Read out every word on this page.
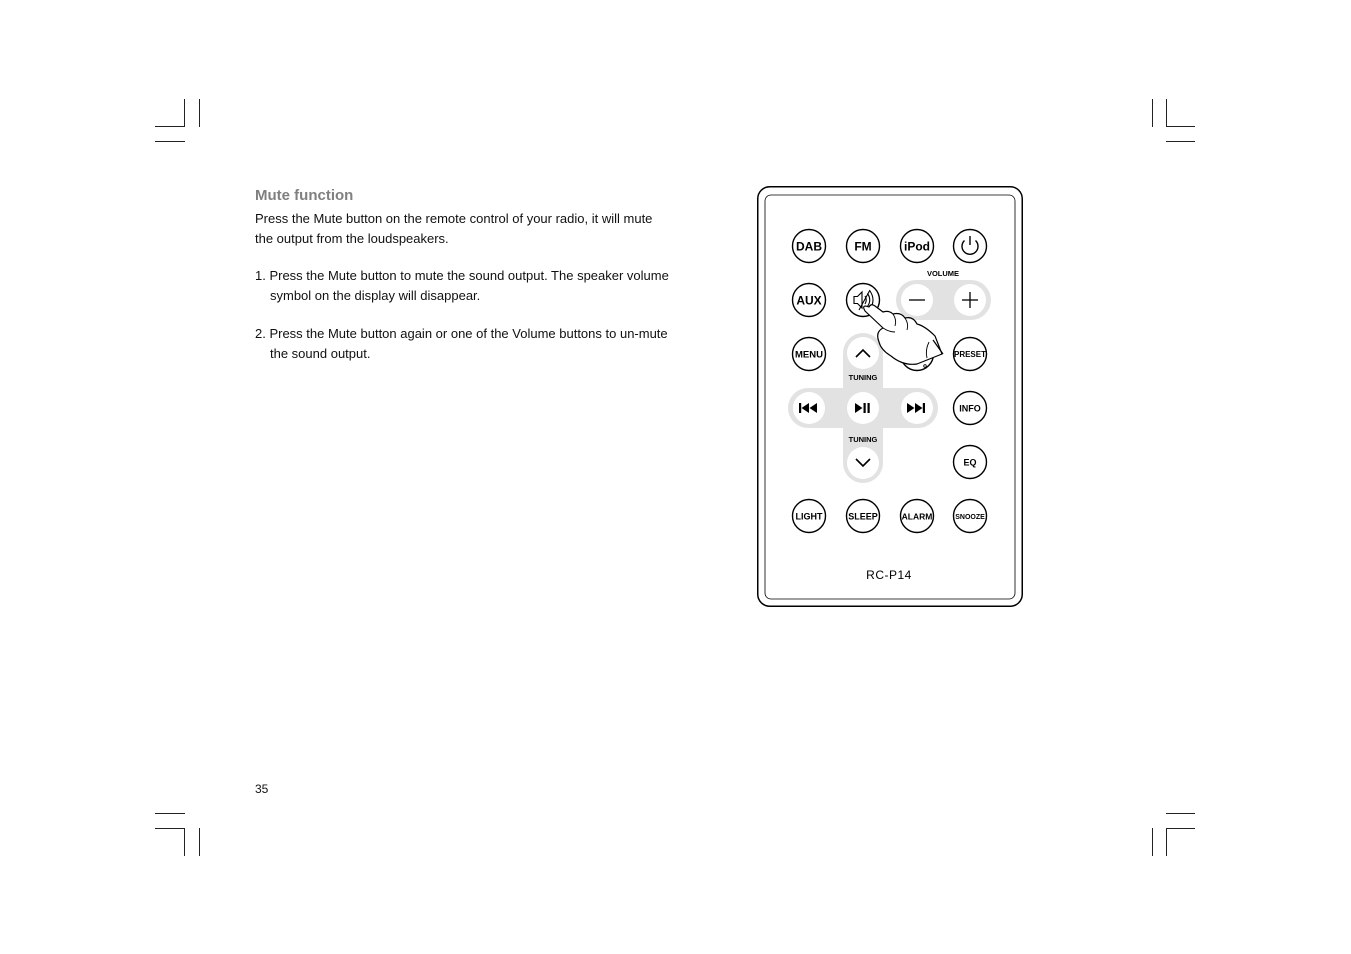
Mute function
Press the Mute button on the remote control of your radio, it will mute
the output from the loudspeakers.
1. Press the Mute button to mute the sound output. The speaker volume
symbol on the display will disappear.
2. Press the Mute button again or one of the Volume buttons to un-mute
the sound output.
35
VOLUME
TUNING
TUNING
DAB	FM	iPod
AUX
MENU	PRESET
INFO
EQ
LIGHT	SLEEP	ALARM	SNOOZE
RC-P14
